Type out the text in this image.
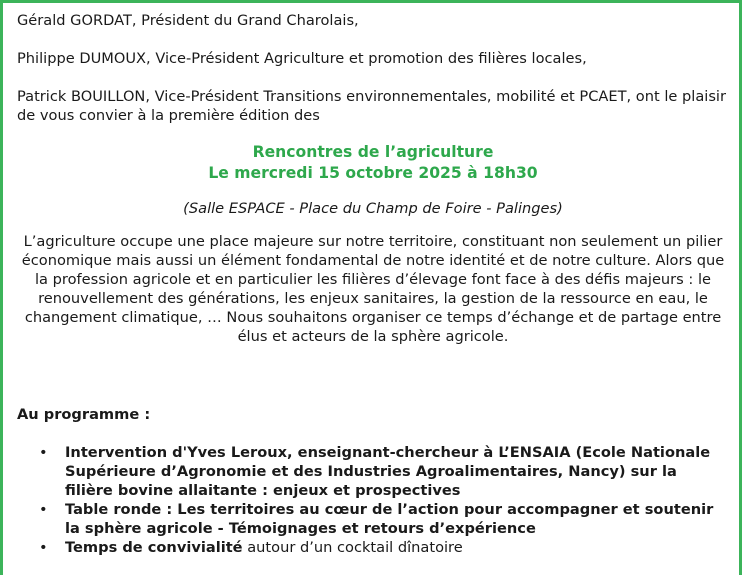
Gérald GORDAT, Président du Grand Charolais,

Philippe DUMOUX, Vice-Président Agriculture et promotion des filières locales,

Patrick BOUILLON, Vice-Président Transitions environnementales, mobilité et PCAET, ont le plaisir de vous convier à la première édition des

Rencontres de l’agriculture

Le mercredi 15 octobre 2025 à 18h30

(Salle ESPACE - Place du Champ de Foire - Palinges)

L’agriculture occupe une place majeure sur notre territoire, constituant non seulement un pilier économique mais aussi un élément fondamental de notre identité et de notre culture. Alors que la profession agricole et en particulier les filières d’élevage font face à des défis majeurs : le renouvellement des générations, les enjeux sanitaires, la gestion de la ressource en eau, le changement climatique, … Nous souhaitons organiser ce temps d’échange et de partage entre élus et acteurs de la sphère agricole.

Au programme :

• Intervention d'Yves Leroux, enseignant-chercheur à L’ENSAIA (Ecole Nationale Supérieure d’Agronomie et des Industries Agroalimentaires, Nancy) sur la filière bovine allaitante : enjeux et prospectives
• Table ronde : Les territoires au cœur de l’action pour accompagner et soutenir la sphère agricole - Témoignages et retours d’expérience
• Temps de convivialité autour d’un cocktail dînatoire
